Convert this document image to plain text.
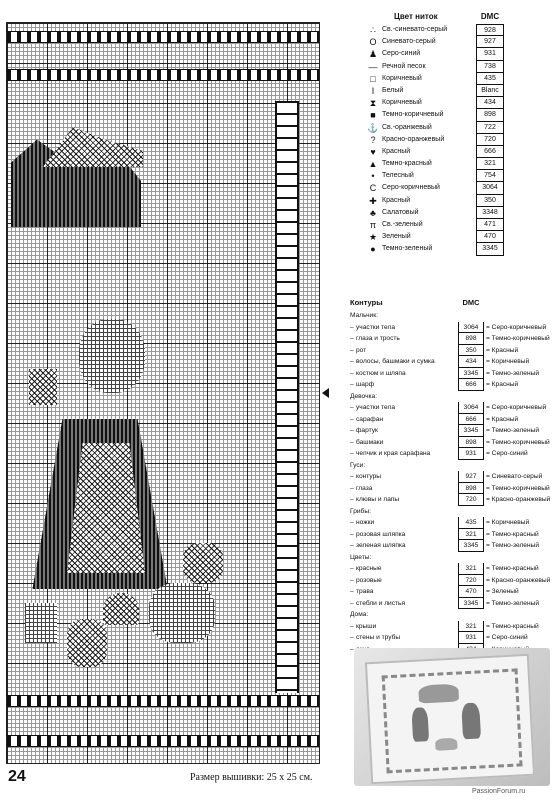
Цвет ниток	DMC
∴ Св.-синевато-серый	928
O Синевато-серый	927
♟ Серо-синий	931
— Речной песок	738
□ Коричневый	435
I	Белый	Blanc
⧗ Коричневый	434
■ Темно-коричневый	898
⚓ Св.-оранжевый	722
? Красно-оранжевый	720
♥ Красный	666
▲ Темно-красный	321
•	Телесный	754
C Серо-коричневый	3064
✚ Красный	350
♣ Салатовый	3348
π Св.-зеленый	471
★ Зеленый	470
● Темно-зеленый	3345
Контуры	DMC
Мальчик:
– участки тела	3064	= Серо-коричневый
– глаза и трость	898	= Темно-коричневый
– рот	350	= Красный
– волосы, башмаки и сумка	434	= Коричневый
– костюм и шляпа	3345	= Темно-зеленый
– шарф	666	= Красный
Девочка:
– участки тела	3064	= Серо-коричневый
– сарафан	666	= Красный
– фартук	3345	= Темно-зеленый
– башмаки	898	= Темно-коричневый
– чепчик и края сарафана	931	= Серо-синий
Гуси:
– контуры	927	= Синевато-серый
– глаза	898	= Темно-коричневый
– клювы и лапы	720	= Красно-оранжевый
Грибы:
– ножки	435	= Коричневый
– розовая шляпка	321	= Темно-красный
– зеленая шляпка	3345	= Темно-зеленый
Цветы:
– красные	321	= Темно-красный
– розовые	720	= Красно-оранжевый
– трава	470	= Зеленый
– стебли и листья	3345	= Темно-зеленый
Дома:
– крыши	321	= Темно-красный
– стены и трубы	931	= Серо-синий
–
24	Размер вышивки: 25 x 25 см.
PassionForum.ru
